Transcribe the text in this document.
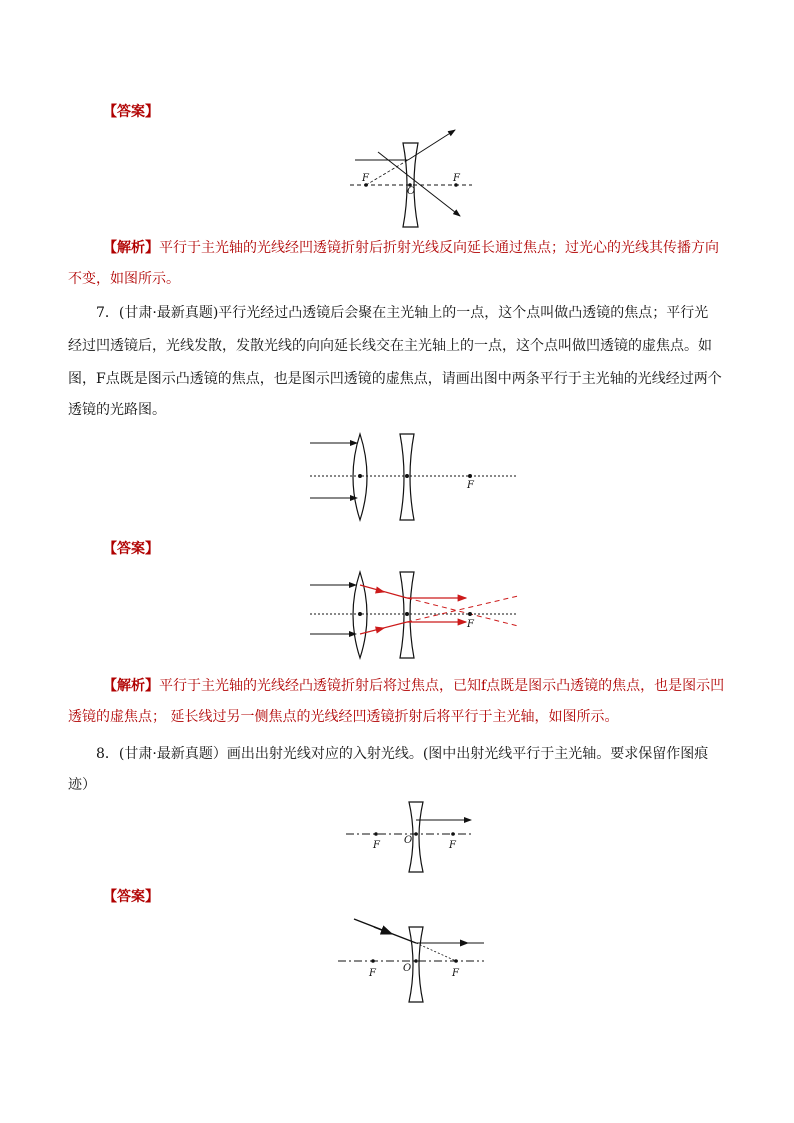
【答案】
F	F
O
【解析】平行于主光轴的光线经凹透镜折射后折射光线反向延长通过焦点；过光心的光线其传播方向
不变，如图所示。
7．(甘肃·最新真题)平行光经过凸透镜后会聚在主光轴上的一点，这个点叫做凸透镜的焦点；平行光
经过凹透镜后，光线发散，发散光线的向向延长线交在主光轴上的一点，这个点叫做凹透镜的虚焦点。如
图，F点既是图示凸透镜的焦点，也是图示凹透镜的虚焦点，请画出图中两条平行于主光轴的光线经过两个
透镜的光路图。
F
【答案】
F
【解析】平行于主光轴的光线经凸透镜折射后将过焦点，已知f点既是图示凸透镜的焦点，也是图示凹
透镜的虚焦点； 延长线过另一侧焦点的光线经凹透镜折射后将平行于主光轴，如图所示。
8．(甘肃·最新真题）画出出射光线对应的入射光线。(图中出射光线平行于主光轴。要求保留作图痕
迹）
F O	F
【答案】
F	O	F
